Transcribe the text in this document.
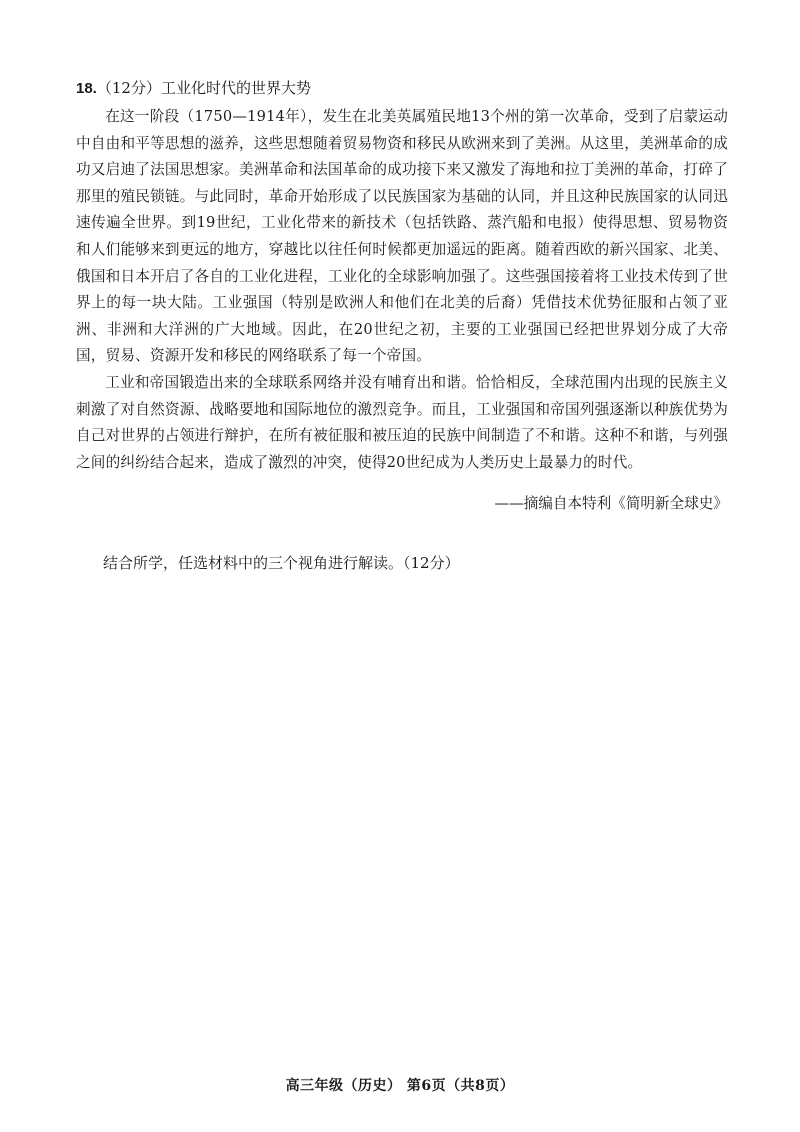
18.（12分）工业化时代的世界大势

在这一阶段（1750—1914年），发生在北美英属殖民地13个州的第一次革命，受到了启蒙运动中自由和平等思想的滋养，这些思想随着贸易物资和移民从欧洲来到了美洲。从这里，美洲革命的成功又启迪了法国思想家。美洲革命和法国革命的成功接下来又激发了海地和拉丁美洲的革命，打碎了那里的殖民锁链。与此同时，革命开始形成了以民族国家为基础的认同，并且这种民族国家的认同迅速传遍全世界。到19世纪，工业化带来的新技术（包括铁路、蒸汽船和电报）使得思想、贸易物资和人们能够来到更远的地方，穿越比以往任何时候都更加遥远的距离。随着西欧的新兴国家、北美、俄国和日本开启了各自的工业化进程，工业化的全球影响加强了。这些强国接着将工业技术传到了世界上的每一块大陆。工业强国（特别是欧洲人和他们在北美的后裔）凭借技术优势征服和占领了亚洲、非洲和大洋洲的广大地域。因此，在20世纪之初，主要的工业强国已经把世界划分成了大帝国，贸易、资源开发和移民的网络联系了每一个帝国。

工业和帝国锻造出来的全球联系网络并没有哺育出和谐。恰恰相反，全球范围内出现的民族主义刺激了对自然资源、战略要地和国际地位的激烈竞争。而且，工业强国和帝国列强逐渐以种族优势为自己对世界的占领进行辩护，在所有被征服和被压迫的民族中间制造了不和谐。这种不和谐，与列强之间的纠纷结合起来，造成了激烈的冲突，使得20世纪成为人类历史上最暴力的时代。

——摘编自本特利《简明新全球史》
结合所学，任选材料中的三个视角进行解读。（12分）
高三年级（历史） 第6页（共8页）
